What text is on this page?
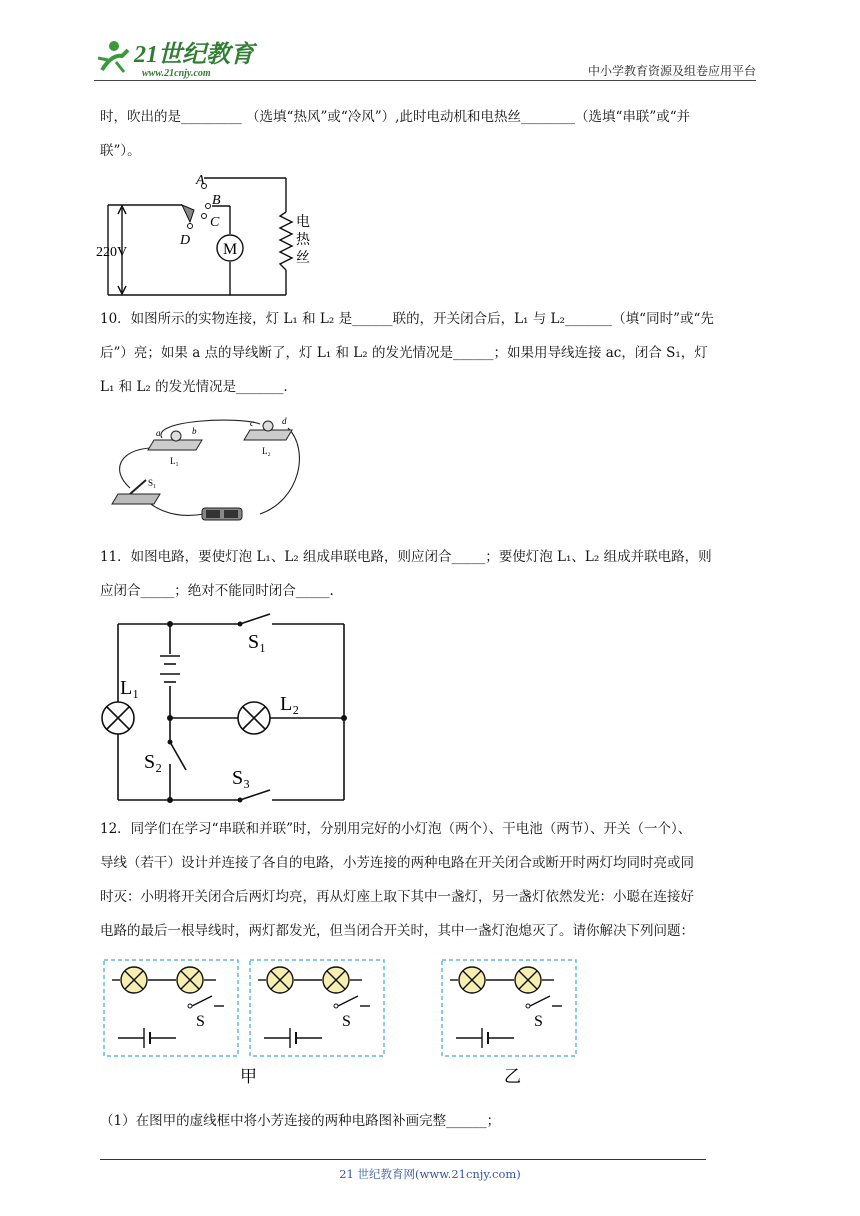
21世纪教育
www.21cnjy.com	中小学教育资源及组卷应用平台

时，吹出的是_________ （选填“热风”或“冷风”）,此时电动机和电热丝________（选填“串联”或“并

联”）。

M
220V
A
B
C
D
电 热 丝

10．如图所示的实物连接，灯 L₁ 和 L₂ 是______联的，开关闭合后，L₁ 与 L₂_______（填“同时”或“先

后”）亮；如果 a 点的导线断了，灯 L₁ 和 L₂ 的发光情况是______；如果用导线连接 ac，闭合 S₁，灯

L₁ 和 L₂ 的发光情况是_______.

a	b
L₁
c	d
L₂
S₁

11．如图电路，要使灯泡 L₁、L₂ 组成串联电路，则应闭合_____；要使灯泡 L₁、L₂ 组成并联电路，则

应闭合_____；绝对不能同时闭合_____.

S₁
L₁
L₂
S₂
S₃

12．同学们在学习“串联和并联”时，分别用完好的小灯泡（两个）、干电池（两节）、开关（一个）、

导线（若干）设计并连接了各自的电路，小芳连接的两种电路在开关闭合或断开时两灯均同时亮或同

时灭：小明将开关闭合后两灯均亮，再从灯座上取下其中一盏灯，另一盏灯依然发光：小聪在连接好

电路的最后一根导线时，两灯都发光，但当闭合开关时，其中一盏灯泡熄灭了。请你解决下列问题：

S	S	S
甲	乙

（1）在图甲的虚线框中将小芳连接的两种电路图补画完整______；

21 世纪教育网(www.21cnjy.com)
